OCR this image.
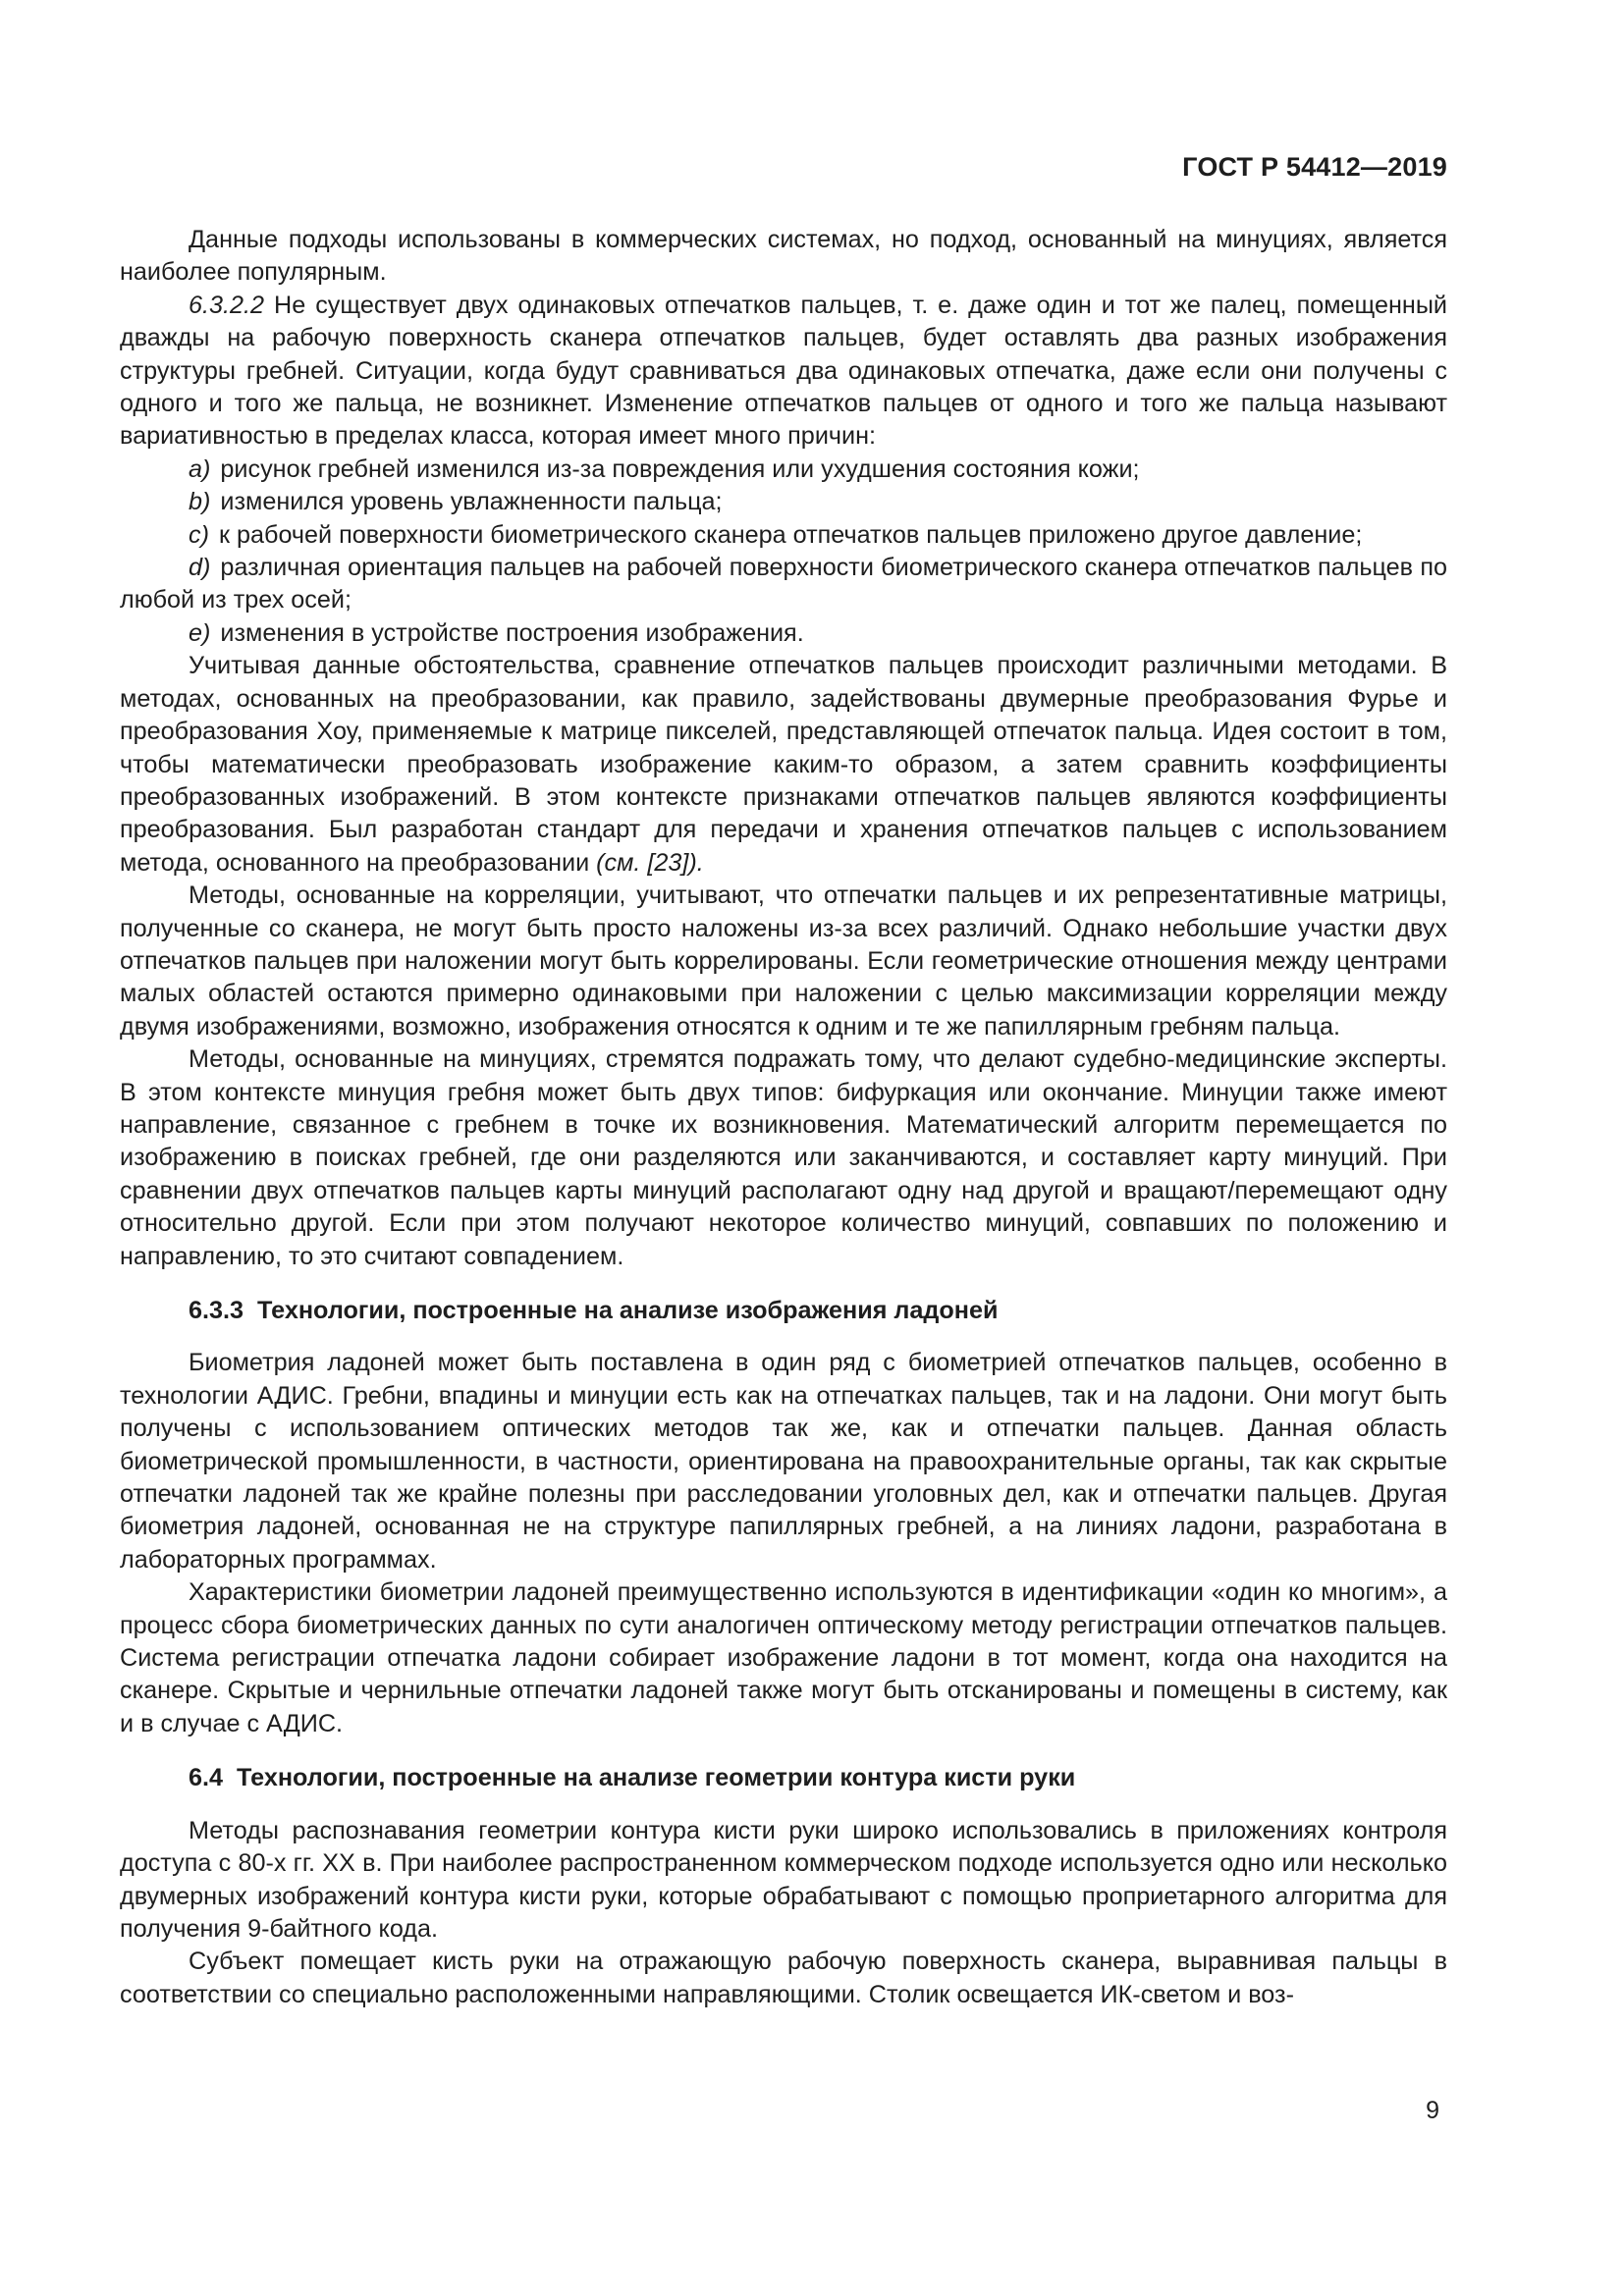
ГОСТ Р 54412—2019

Данные подходы использованы в коммерческих системах, но подход, основанный на минуциях, является наиболее популярным.

6.3.2.2 Не существует двух одинаковых отпечатков пальцев, т. е. даже один и тот же палец, помещенный дважды на рабочую поверхность сканера отпечатков пальцев, будет оставлять два разных изображения структуры гребней. Ситуации, когда будут сравниваться два одинаковых отпечатка, даже если они получены с одного и того же пальца, не возникнет. Изменение отпечатков пальцев от одного и того же пальца называют вариативностью в пределах класса, которая имеет много причин:

a) рисунок гребней изменился из-за повреждения или ухудшения состояния кожи;

b) изменился уровень увлажненности пальца;

c) к рабочей поверхности биометрического сканера отпечатков пальцев приложено другое давление;

d) различная ориентация пальцев на рабочей поверхности биометрического сканера отпечатков пальцев по любой из трех осей;

e) изменения в устройстве построения изображения.

Учитывая данные обстоятельства, сравнение отпечатков пальцев происходит различными методами. В методах, основанных на преобразовании, как правило, задействованы двумерные преобразования Фурье и преобразования Хоу, применяемые к матрице пикселей, представляющей отпечаток пальца. Идея состоит в том, чтобы математически преобразовать изображение каким-то образом, а затем сравнить коэффициенты преобразованных изображений. В этом контексте признаками отпечатков пальцев являются коэффициенты преобразования. Был разработан стандарт для передачи и хранения отпечатков пальцев с использованием метода, основанного на преобразовании (см. [23]).

Методы, основанные на корреляции, учитывают, что отпечатки пальцев и их репрезентативные матрицы, полученные со сканера, не могут быть просто наложены из-за всех различий. Однако небольшие участки двух отпечатков пальцев при наложении могут быть коррелированы. Если геометрические отношения между центрами малых областей остаются примерно одинаковыми при наложении с целью максимизации корреляции между двумя изображениями, возможно, изображения относятся к одним и те же папиллярным гребням пальца.

Методы, основанные на минуциях, стремятся подражать тому, что делают судебно-медицинские эксперты. В этом контексте минуция гребня может быть двух типов: бифуркация или окончание. Минуции также имеют направление, связанное с гребнем в точке их возникновения. Математический алгоритм перемещается по изображению в поисках гребней, где они разделяются или заканчиваются, и составляет карту минуций. При сравнении двух отпечатков пальцев карты минуций располагают одну над другой и вращают/перемещают одну относительно другой. Если при этом получают некоторое количество минуций, совпавших по положению и направлению, то это считают совпадением.

6.3.3 Технологии, построенные на анализе изображения ладоней

Биометрия ладоней может быть поставлена в один ряд с биометрией отпечатков пальцев, особенно в технологии АДИС. Гребни, впадины и минуции есть как на отпечатках пальцев, так и на ладони. Они могут быть получены с использованием оптических методов так же, как и отпечатки пальцев. Данная область биометрической промышленности, в частности, ориентирована на правоохранительные органы, так как скрытые отпечатки ладоней так же крайне полезны при расследовании уголовных дел, как и отпечатки пальцев. Другая биометрия ладоней, основанная не на структуре папиллярных гребней, а на линиях ладони, разработана в лабораторных программах.

Характеристики биометрии ладоней преимущественно используются в идентификации «один ко многим», а процесс сбора биометрических данных по сути аналогичен оптическому методу регистрации отпечатков пальцев. Система регистрации отпечатка ладони собирает изображение ладони в тот момент, когда она находится на сканере. Скрытые и чернильные отпечатки ладоней также могут быть отсканированы и помещены в систему, как и в случае с АДИС.

6.4 Технологии, построенные на анализе геометрии контура кисти руки

Методы распознавания геометрии контура кисти руки широко использовались в приложениях контроля доступа с 80-х гг. XX в. При наиболее распространенном коммерческом подходе используется одно или несколько двумерных изображений контура кисти руки, которые обрабатывают с помощью проприетарного алгоритма для получения 9-байтного кода.

Субъект помещает кисть руки на отражающую рабочую поверхность сканера, выравнивая пальцы в соответствии со специально расположенными направляющими. Столик освещается ИК-светом и воз-

9
